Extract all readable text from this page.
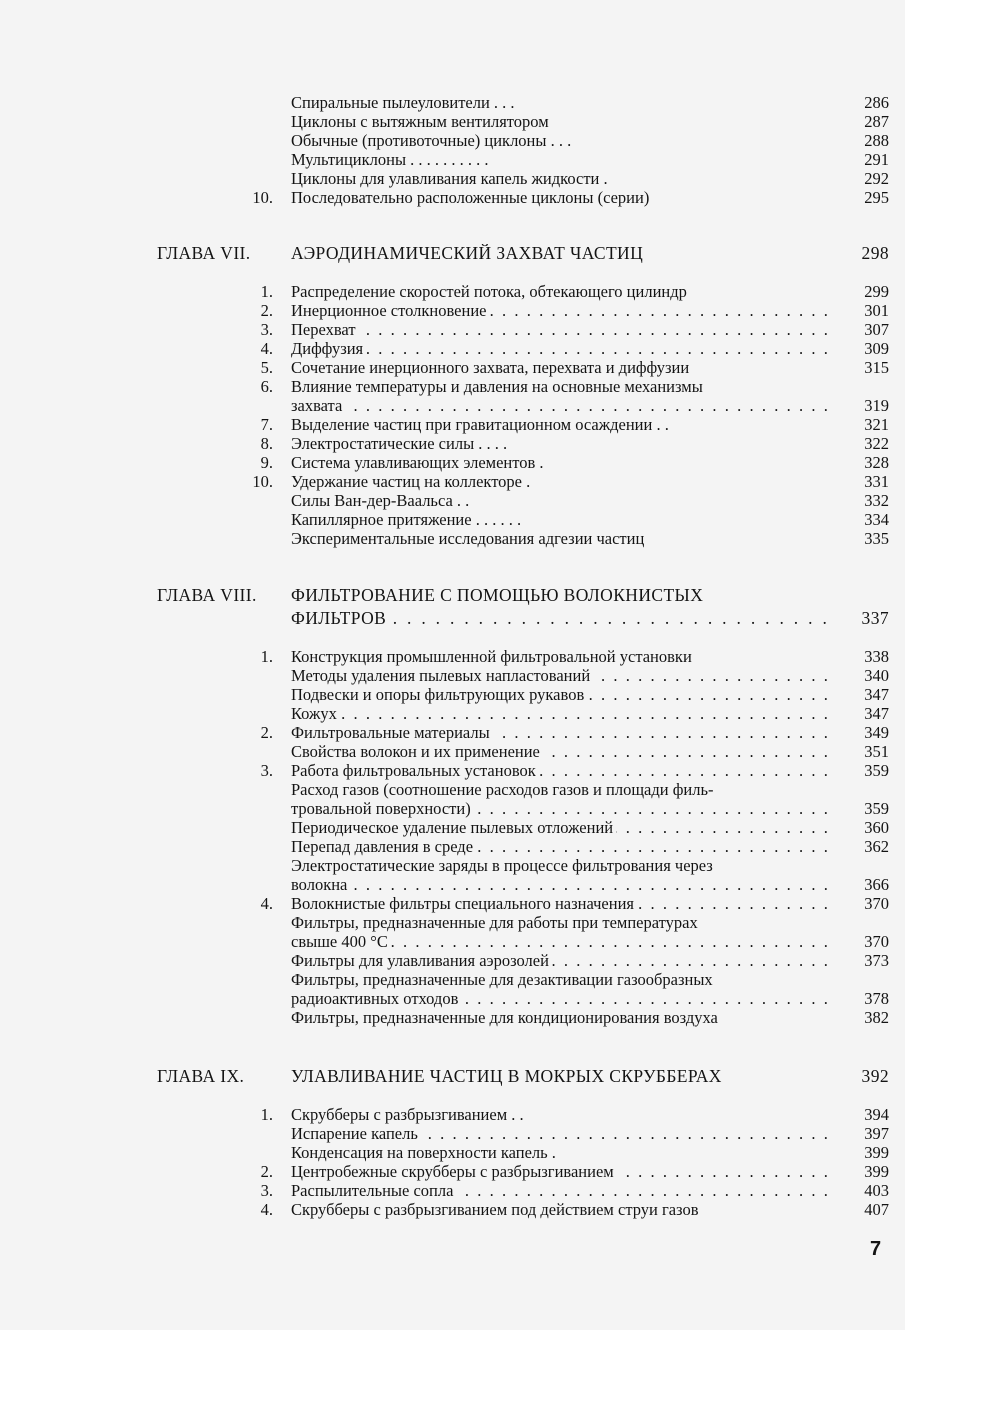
Спиральные пылеуловители . . .	286
Циклоны с вытяжным вентилятором	287
Обычные (противоточные) циклоны . . .	288
Мультициклоны . . . . . . . . . .	291
Циклоны для улавливания капель жидкости .	292
10. Последовательно расположенные циклоны (серии)	295
ГЛАВА VII.	АЭРОДИНАМИЧЕСКИЙ ЗАХВАТ ЧАСТИЦ	298
1. Распределение скоростей потока, обтекающего цилиндр	299
2. Инерционное столкновение . .	301
3. Перехват . .	307
4. Диффузия . .	309
5. Сочетание инерционного захвата, перехвата и диффузии	315
6. Влияние температуры и давления на основные механизмы
захвата . .	319
7. Выделение частиц при гравитационном осаждении . .	321
8. Электростатические силы . . . .	322
9. Система улавливающих элементов .	328
10. Удержание частиц на коллекторе .	331
Силы Ван-дер-Ваальса . .	332
Капиллярное притяжение . . . . . .	334
Экспериментальные исследования адгезии частиц	335
ГЛАВА VIII.	ФИЛЬТРОВАНИЕ С ПОМОЩЬЮ ВОЛОКНИСТЫХ
ФИЛЬТРОВ . .	337
1. Конструкция промышленной фильтровальной установки	338
Методы удаления пылевых напластований . .	340
Подвески и опоры фильтрующих рукавов . .	347
Кожух . .	347
2. Фильтровальные материалы . .	349
Свойства волокон и их применение . .	351
3. Работа фильтровальных установок . .	359
Расход газов (соотношение расходов газов и площади филь-
тровальной поверхности) . .	359
Периодическое удаление пылевых отложений . .	360
Перепад давления в среде . .	362
Электростатические заряды в процессе фильтрования через
волокна . .	366
4. Волокнистые фильтры специального назначения . .	370
Фильтры, предназначенные для работы при температурах
свыше 400 °С . .	370
Фильтры для улавливания аэрозолей . .	373
Фильтры, предназначенные для дезактивации газообразных
радиоактивных отходов . .	378
Фильтры, предназначенные для кондиционирования воздуха	382
ГЛАВА IX.	УЛАВЛИВАНИЕ ЧАСТИЦ В МОКРЫХ СКРУББЕРАХ	392
1. Скрубберы с разбрызгиванием . .	394
Испарение капель . .	397
Конденсация на поверхности капель .	399
2. Центробежные скрубберы с разбрызгиванием . .	399
3. Распылительные сопла . .	403
4. Скрубберы с разбрызгиванием под действием струи газов	407
7
